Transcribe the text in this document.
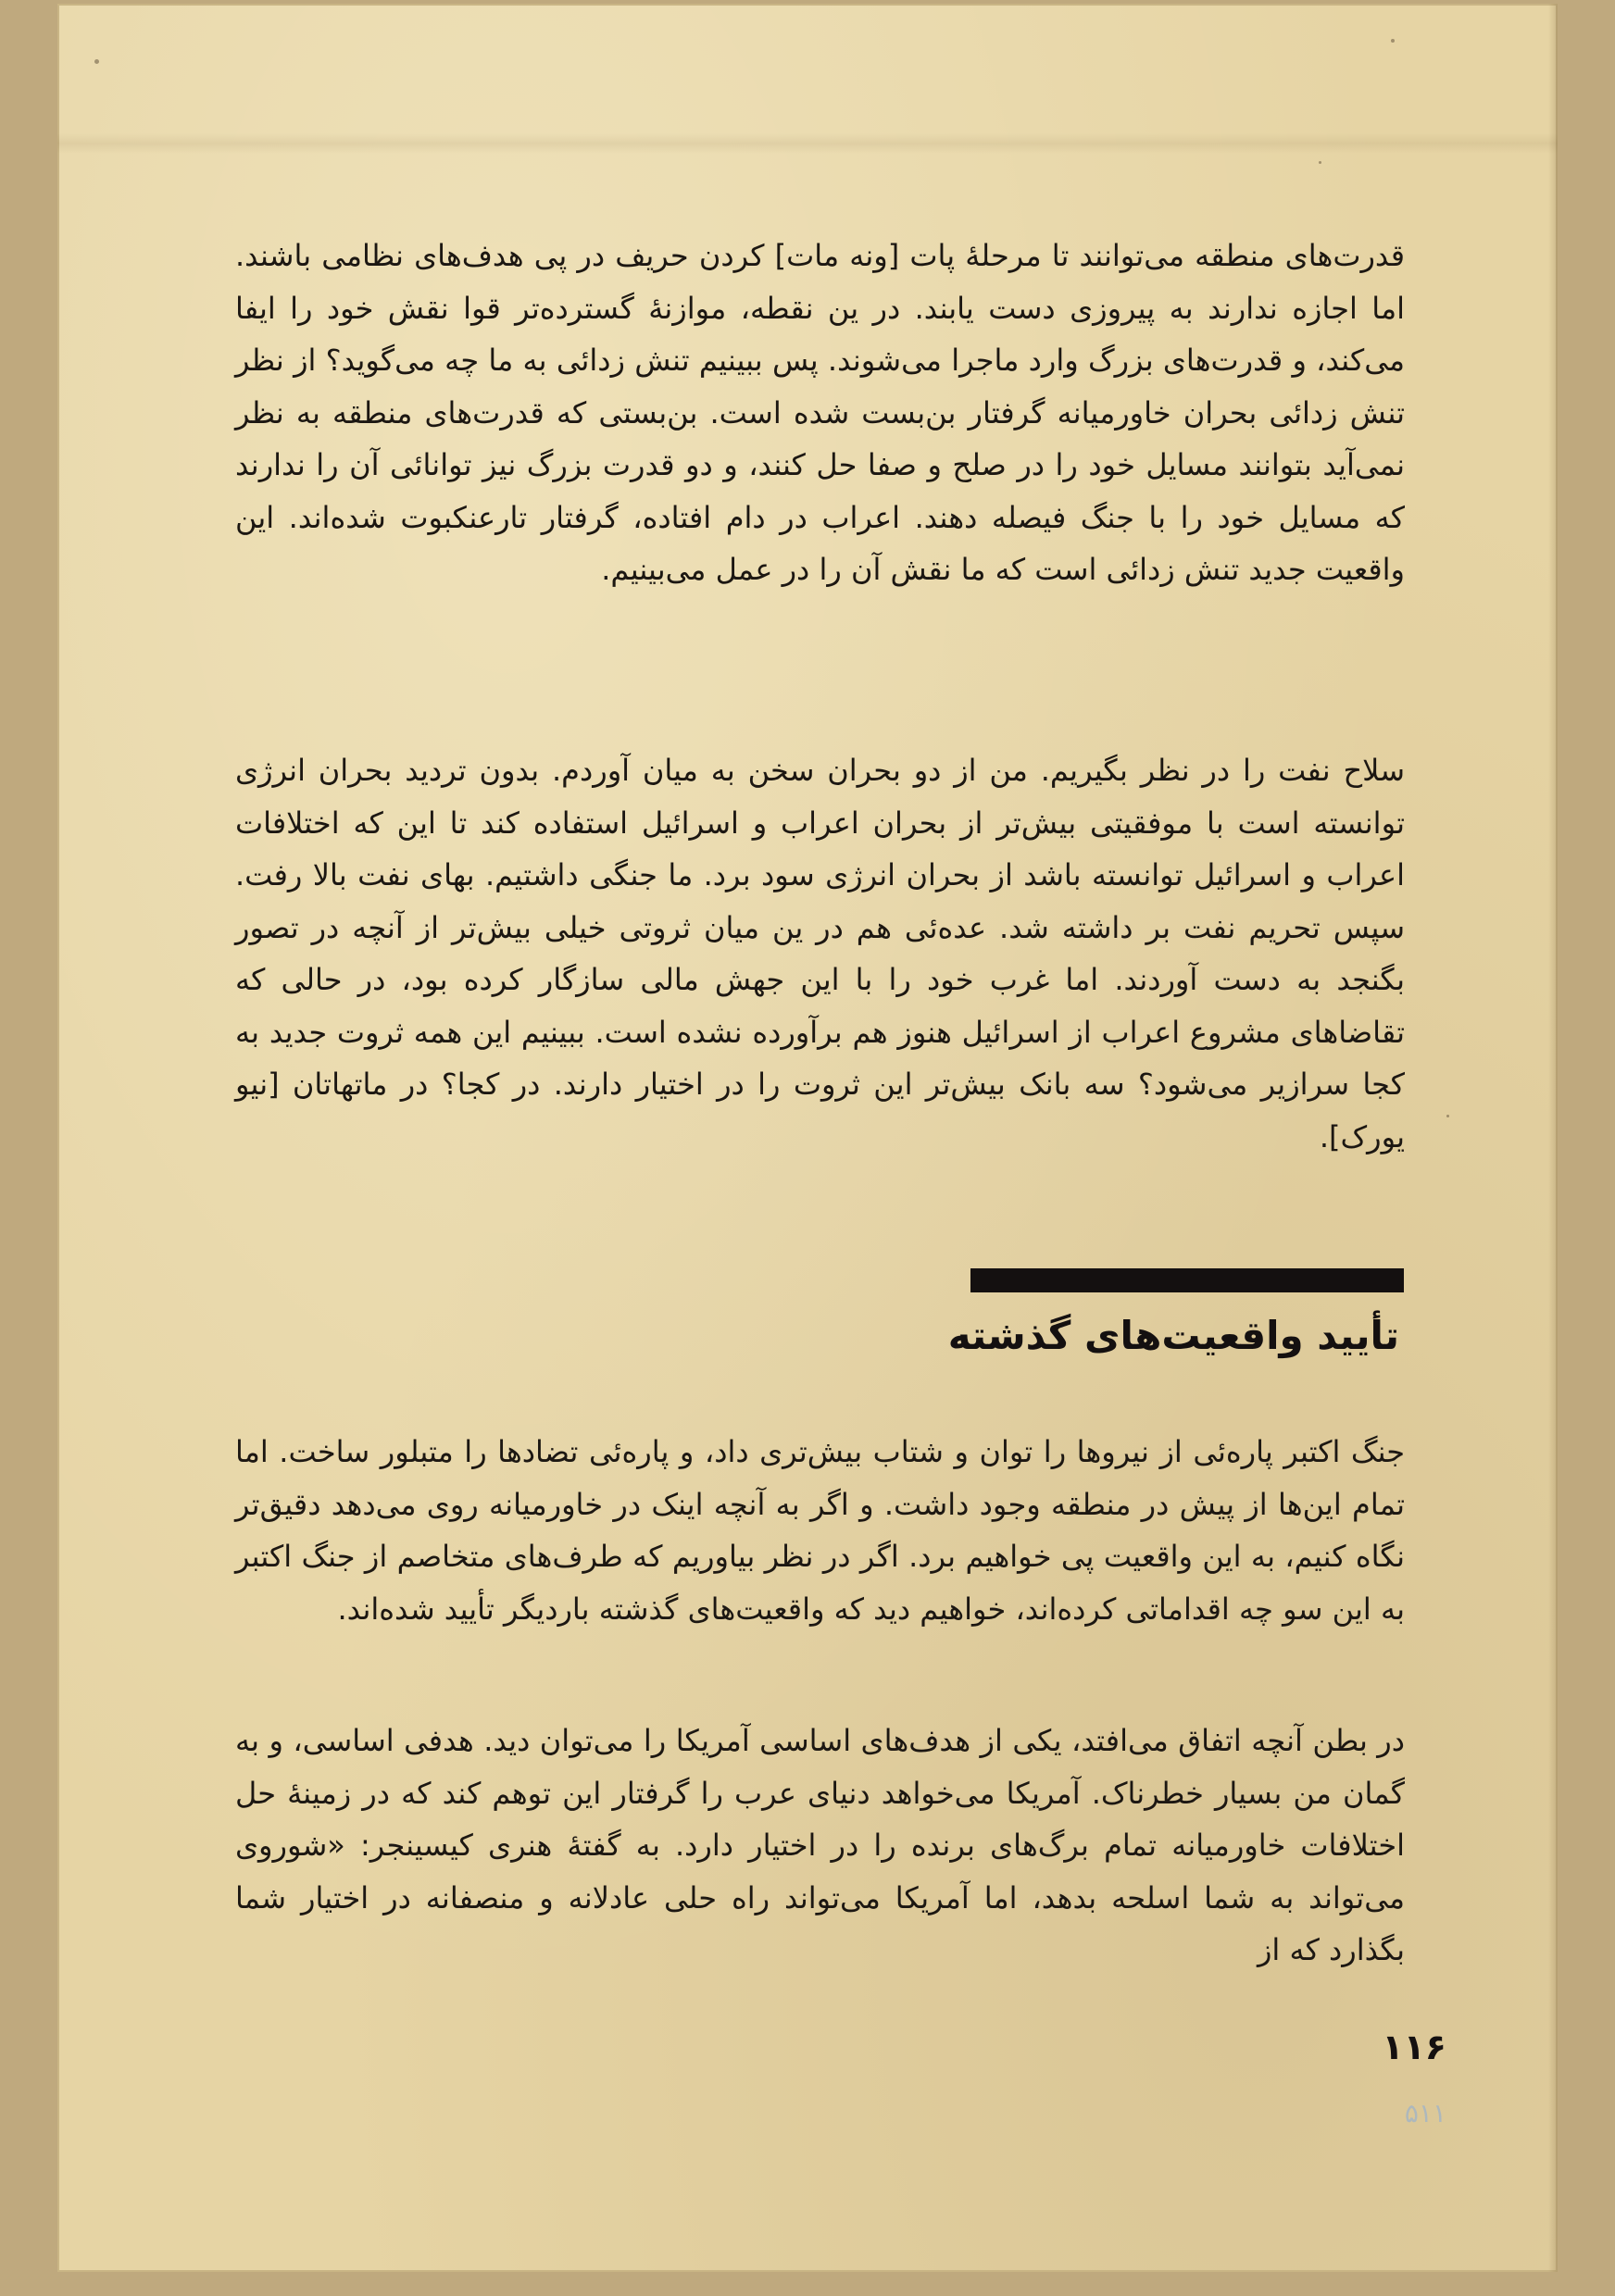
قدرت‌های منطقه می‌توانند تا مرحلهٔ پات [ونه مات] کردن حریف در پی هدف‌های نظامی باشند. اما اجازه ندارند به پیروزی دست یابند. در ین نقطه، موازنهٔ گسترده‌تر قوا نقش خود را ایفا می‌کند، و قدرت‌های بزرگ وارد ماجرا می‌شوند. پس ببینیم تنش زدائی به ما چه می‌گوید؟ از نظر تنش زدائی بحران خاورمیانه گرفتار بن‌بست شده است. بن‌بستی که قدرت‌های منطقه به نظر نمی‌آید بتوانند مسایل خود را در صلح و صفا حل کنند، و دو قدرت بزرگ نیز توانائی آن را ندارند که مسایل خود را با جنگ فیصله دهند. اعراب در دام افتاده، گرفتار تارعنکبوت شده‌اند. این واقعیت جدید تنش زدائی است که ما نقش آن را در عمل می‌بینیم.

سلاح نفت را در نظر بگیریم. من از دو بحران سخن به میان آوردم. بدون تردید بحران انرژی توانسته است با موفقیتی بیش‌تر از بحران اعراب و اسرائیل استفاده کند تا این که اختلافات اعراب و اسرائیل توانسته باشد از بحران انرژی سود برد. ما جنگی داشتیم. بهای نفت بالا رفت. سپس تحریم نفت بر داشته شد. عده‌ئی هم در ین میان ثروتی خیلی بیش‌تر از آنچه در تصور بگنجد به دست آوردند. اما غرب خود را با این جهش مالی سازگار کرده بود، در حالی که تقاضاهای مشروع اعراب از اسرائیل هنوز هم برآورده نشده است. ببینیم این همه ثروت جدید به کجا سرازیر می‌شود؟ سه بانک بیش‌تر این ثروت را در اختیار دارند. در کجا؟ در ماتهاتان [نیو یورک].

تأیید واقعیت‌های گذشته

جنگ اکتبر پاره‌ئی از نیروها را توان و شتاب بیش‌تری داد، و پاره‌ئی تضادها را متبلور ساخت. اما تمام این‌ها از پیش در منطقه وجود داشت. و اگر به آنچه اینک در خاورمیانه روی می‌دهد دقیق‌تر نگاه کنیم، به این واقعیت پی خواهیم برد. اگر در نظر بیاوریم که طرف‌های متخاصم از جنگ اکتبر به این سو چه اقداماتی کرده‌اند، خواهیم دید که واقعیت‌های گذشته باردیگر تأیید شده‌اند.

در بطن آنچه اتفاق می‌افتد، یکی از هدف‌های اساسی آمریکا را می‌توان دید. هدفی اساسی، و به گمان من بسیار خطرناک. آمریکا می‌خواهد دنیای عرب را گرفتار این توهم کند که در زمینهٔ حل اختلافات خاورمیانه تمام برگ‌های برنده را در اختیار دارد. به گفتهٔ هنری کیسینجر: «شوروی می‌تواند به شما اسلحه بدهد، اما آمریکا می‌تواند راه حلی عادلانه و منصفانه در اختیار شما بگذارد که از

۱۱۶
۵۱۱
